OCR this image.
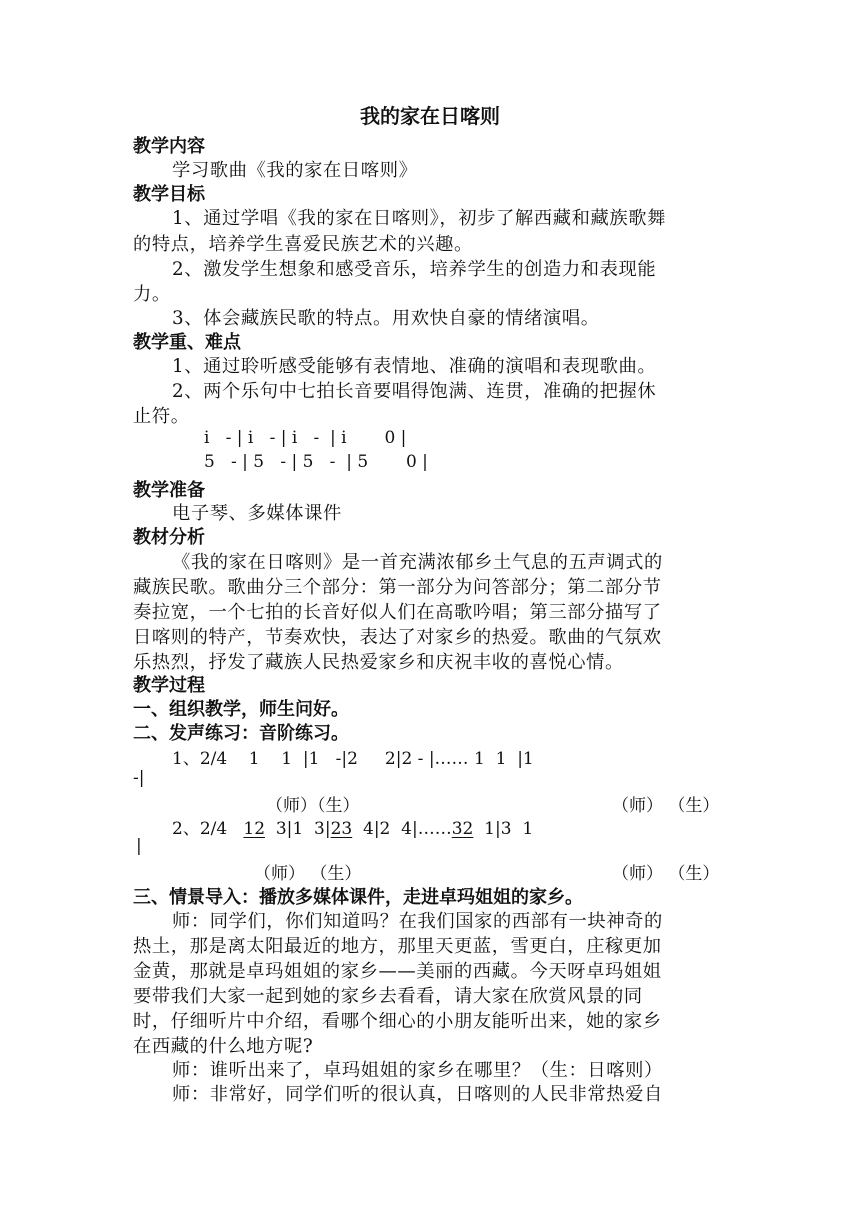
我的家在日喀则
教学内容
学习歌曲《我的家在日喀则》
教学目标
1、通过学唱《我的家在日喀则》，初步了解西藏和藏族歌舞
的特点，培养学生喜爱民族艺术的兴趣。
2、激发学生想象和感受音乐，培养学生的创造力和表现能
力。
3、体会藏族民歌的特点。用欢快自豪的情绪演唱。
教学重、难点
1、通过聆听感受能够有表情地、准确的演唱和表现歌曲。
2、两个乐句中七拍长音要唱得饱满、连贯，准确的把握休
止符。
i   - | i   - | i   -  | i       0 |
5   - | 5   - | 5   -  | 5       0 |
教学准备
电子琴、多媒体课件
教材分析
《我的家在日喀则》是一首充满浓郁乡土气息的五声调式的
藏族民歌。歌曲分三个部分：第一部分为问答部分；第二部分节
奏拉宽，一个七拍的长音好似人们在高歌吟唱；第三部分描写了
日喀则的特产，节奏欢快，表达了对家乡的热爱。歌曲的气氛欢
乐热烈，抒发了藏族人民热爱家乡和庆祝丰收的喜悦心情。
教学过程
一、组织教学，师生问好。
二、发声练习：音阶练习。
1、2/4    1    1  |1   -|2     2|2 - |…… 1  1  |1
-|
（师）（生）	（师） （生）
2、2/4   12  3|1  3|23  4|2  4|……32  1|3  1
|
（师） （生）	（师） （生）
三、情景导入：播放多媒体课件，走进卓玛姐姐的家乡。
师：同学们，你们知道吗？在我们国家的西部有一块神奇的
热土，那是离太阳最近的地方，那里天更蓝，雪更白，庄稼更加
金黄，那就是卓玛姐姐的家乡——美丽的西藏。今天呀卓玛姐姐
要带我们大家一起到她的家乡去看看，请大家在欣赏风景的同
时，仔细听片中介绍，看哪个细心的小朋友能听出来，她的家乡
在西藏的什么地方呢?
师：谁听出来了，卓玛姐姐的家乡在哪里？（生：日喀则）
师：非常好，同学们听的很认真，日喀则的人民非常热爱自
